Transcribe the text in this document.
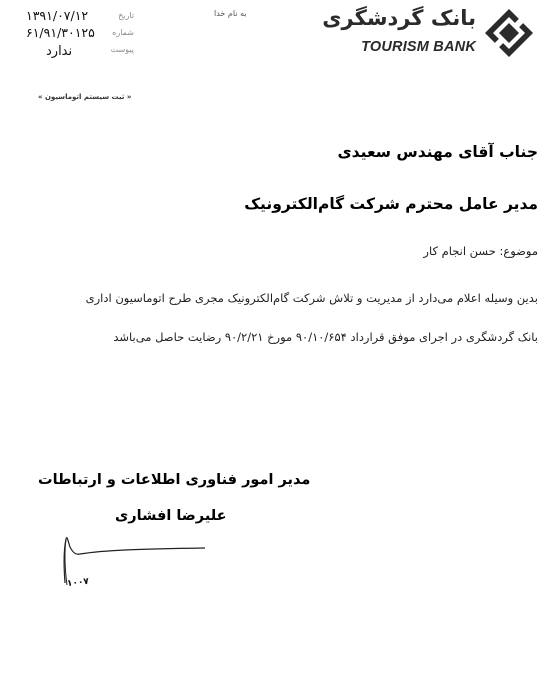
بانک گردشگری
TOURISM BANK
به نام خدا
تاریخ
۱۳۹۱/۰۷/۱۲
شماره
۶۱/۹۱/۳۰۱۲۵
پیوست
ندارد
« ثبت سیستم اتوماسیون »
جناب آقای مهندس سعیدی
مدیر عامل محترم شرکت گام‌الکترونیک
موضوع: حسن انجام کار
بدین وسیله اعلام می‌دارد از مدیریت و تلاش شرکت گام‌الکترونیک مجری طرح اتوماسیون اداری
بانک گردشگری در اجرای موفق قرارداد ۹۰/۱۰/۶۵۴ مورخ ۹۰/۲/۲۱ رضایت حاصل می‌باشد
مدیر امور فناوری اطلاعات و ارتباطات
علیرضا افشاری
۱۰۰۷
